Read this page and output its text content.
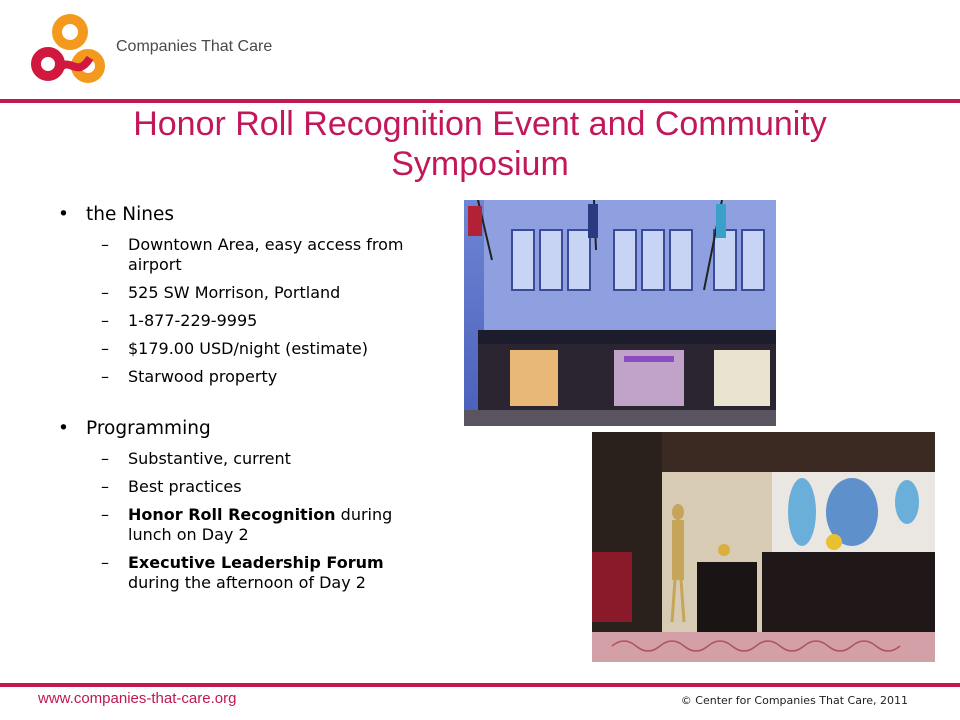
Companies That Care
Honor Roll Recognition Event and Community Symposium
• the Nines
– Downtown Area, easy access from airport
– 525 SW Morrison, Portland
– 1-877-229-9995
– $179.00 USD/night (estimate)
– Starwood property
• Programming
– Substantive, current
– Best practices
– Honor Roll Recognition during lunch on Day 2
– Executive Leadership Forum during the afternoon of Day 2
www.companies-that-care.org	© Center for Companies That Care, 2011
